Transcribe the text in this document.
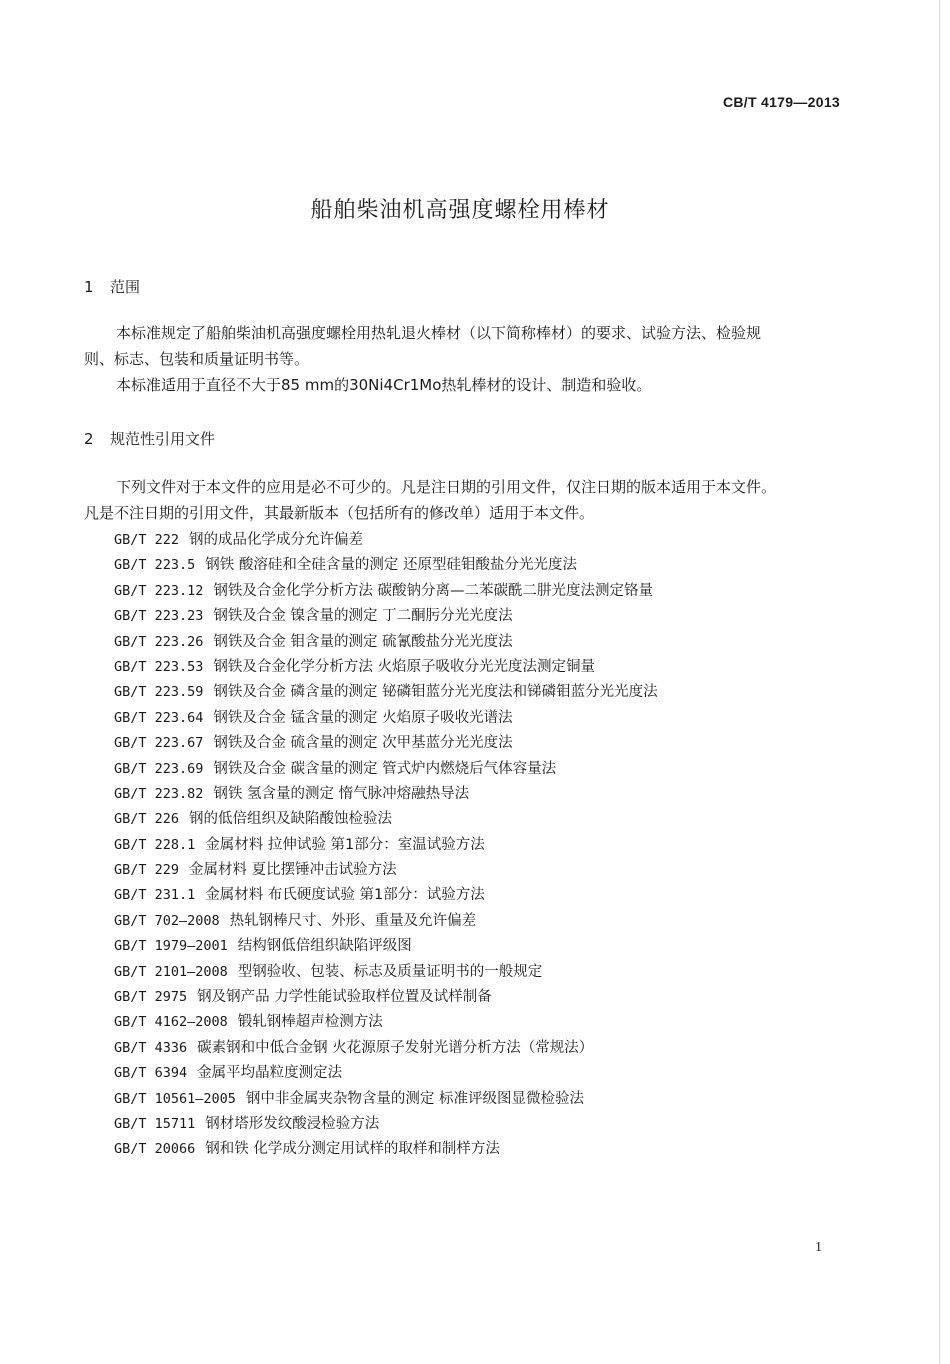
CB/T 4179—2013
船舶柴油机高强度螺栓用棒材
1 范围
本标准规定了船舶柴油机高强度螺栓用热轧退火棒材（以下简称棒材）的要求、试验方法、检验规
则、标志、包装和质量证明书等。
本标准适用于直径不大于85 mm的30Ni4Cr1Mo热轧棒材的设计、制造和验收。
2 规范性引用文件
下列文件对于本文件的应用是必不可少的。凡是注日期的引用文件，仅注日期的版本适用于本文件。
凡是不注日期的引用文件，其最新版本（包括所有的修改单）适用于本文件。
GB/T 222 钢的成品化学成分允许偏差
GB/T 223.5 钢铁 酸溶硅和全硅含量的测定 还原型硅钼酸盐分光光度法
GB/T 223.12 钢铁及合金化学分析方法 碳酸钠分离—二苯碳酰二肼光度法测定铬量
GB/T 223.23 钢铁及合金 镍含量的测定 丁二酮肟分光光度法
GB/T 223.26 钢铁及合金 钼含量的测定 硫氰酸盐分光光度法
GB/T 223.53 钢铁及合金化学分析方法 火焰原子吸收分光光度法测定铜量
GB/T 223.59 钢铁及合金 磷含量的测定 铋磷钼蓝分光光度法和锑磷钼蓝分光光度法
GB/T 223.64 钢铁及合金 锰含量的测定 火焰原子吸收光谱法
GB/T 223.67 钢铁及合金 硫含量的测定 次甲基蓝分光光度法
GB/T 223.69 钢铁及合金 碳含量的测定 管式炉内燃烧后气体容量法
GB/T 223.82 钢铁 氢含量的测定 惰气脉冲熔融热导法
GB/T 226 钢的低倍组织及缺陷酸蚀检验法
GB/T 228.1 金属材料 拉伸试验 第1部分：室温试验方法
GB/T 229 金属材料 夏比摆锤冲击试验方法
GB/T 231.1 金属材料 布氏硬度试验 第1部分：试验方法
GB/T 702—2008 热轧钢棒尺寸、外形、重量及允许偏差
GB/T 1979—2001 结构钢低倍组织缺陷评级图
GB/T 2101—2008 型钢验收、包装、标志及质量证明书的一般规定
GB/T 2975 钢及钢产品 力学性能试验取样位置及试样制备
GB/T 4162—2008 锻轧钢棒超声检测方法
GB/T 4336 碳素钢和中低合金钢 火花源原子发射光谱分析方法（常规法）
GB/T 6394 金属平均晶粒度测定法
GB/T 10561—2005 钢中非金属夹杂物含量的测定 标准评级图显微检验法
GB/T 15711 钢材塔形发纹酸浸检验方法
GB/T 20066 钢和铁 化学成分测定用试样的取样和制样方法
1
